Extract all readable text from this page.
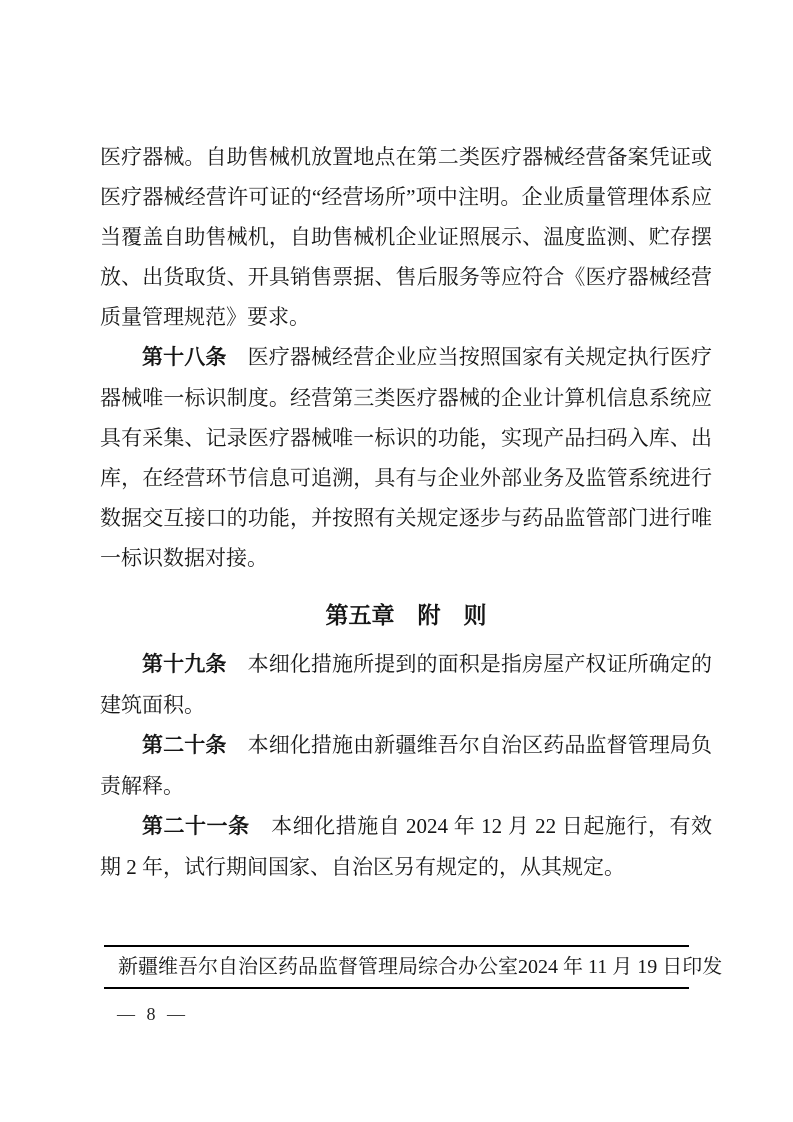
医疗器械。自助售械机放置地点在第二类医疗器械经营备案凭证或医疗器械经营许可证的“经营场所”项中注明。企业质量管理体系应当覆盖自助售械机，自助售械机企业证照展示、温度监测、贮存摆放、出货取货、开具销售票据、售后服务等应符合《医疗器械经营质量管理规范》要求。

第十八条　医疗器械经营企业应当按照国家有关规定执行医疗器械唯一标识制度。经营第三类医疗器械的企业计算机信息系统应具有采集、记录医疗器械唯一标识的功能，实现产品扫码入库、出库，在经营环节信息可追溯，具有与企业外部业务及监管系统进行数据交互接口的功能，并按照有关规定逐步与药品监管部门进行唯一标识数据对接。

第五章　附　则

第十九条　本细化措施所提到的面积是指房屋产权证所确定的建筑面积。

第二十条　本细化措施由新疆维吾尔自治区药品监督管理局负责解释。

第二十一条　本细化措施自 2024 年 12 月 22 日起施行，有效期 2 年，试行期间国家、自治区另有规定的，从其规定。

新疆维吾尔自治区药品监督管理局综合办公室 2024 年 11 月 19 日印发
— 8 —
